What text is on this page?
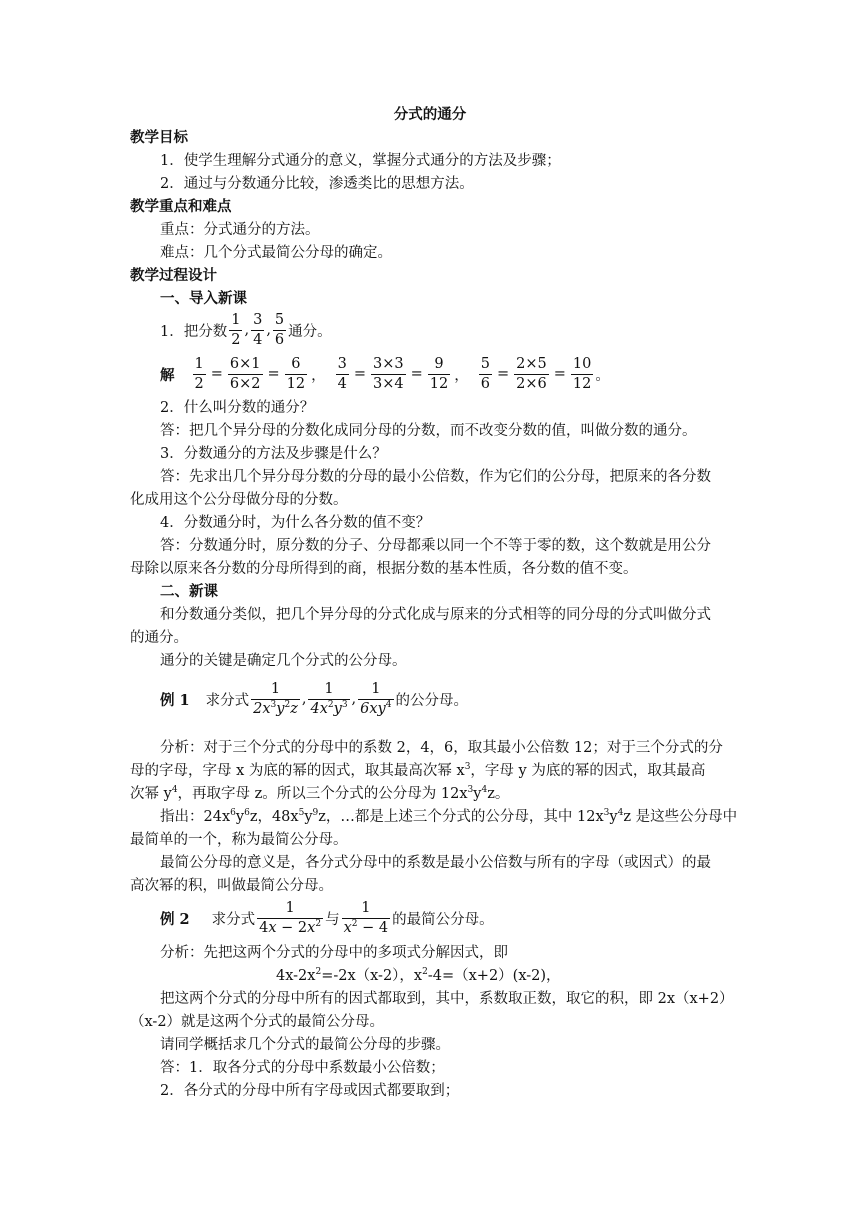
分式的通分
教学目标
1．使学生理解分式通分的意义，掌握分式通分的方法及步骤；
2．通过与分数通分比较，渗透类比的思想方法。
教学重点和难点
重点：分式通分的方法。
难点：几个分式最简公分母的确定。
教学过程设计
一、导入新课
1．把分数 $\frac{1}{2}$ , $\frac{3}{4}$ , $\frac{5}{6}$ 通分。
解 $\frac{1}{2} = \frac{6\times 1}{6\times 2} = \frac{6}{12}$ ， $\frac{3}{4} = \frac{3\times 3}{3\times 4} = \frac{9}{12}$ ， $\frac{5}{6} = \frac{2\times 5}{2\times 6} = \frac{10}{12}$ 。
2．什么叫分数的通分？
答：把几个异分母的分数化成同分母的分数，而不改变分数的值，叫做分数的通分。
3．分数通分的方法及步骤是什么？
答：先求出几个异分母分数的分母的最小公倍数，作为它们的公分母，把原来的各分数
化成用这个公分母做分母的分数。
4．分数通分时，为什么各分数的值不变？
答：分数通分时，原分数的分子、分母都乘以同一个不等于零的数，这个数就是用公分
母除以原来各分数的分母所得到的商，根据分数的基本性质，各分数的值不变。
二、新课
和分数通分类似，把几个异分母的分式化成与原来的分式相等的同分母的分式叫做分式
的通分。
通分的关键是确定几个分式的公分母。
例 1 求分式 $\frac{1}{2x^3y^2z}$ , $\frac{1}{4x^2y^3}$ , $\frac{1}{6xy^4}$ 的公分母。
分析：对于三个分式的分母中的系数 2，4，6，取其最小公倍数 12；对于三个分式的分
母的字母，字母 x 为底的幂的因式，取其最高次幂 $x^3$，字母 y 为底的幂的因式，取其最高
次幂 $y^4$，再取字母 z。所以三个分式的公分母为 $12x^3y^4z$。
指出：$24x^6y^6z$，$48x^5y^9z$，…都是上述三个分式的公分母，其中 $12x^3y^4z$ 是这些公分母中
最简单的一个，称为最简公分母。
最简公分母的意义是，各分式分母中的系数是最小公倍数与所有的字母（或因式）的最
高次幂的积，叫做最简公分母。
例 2 求分式 $\frac{1}{4x - 2x^2}$ 与 $\frac{1}{x^2 - 4}$ 的最简公分母。
分析：先把这两个分式的分母中的多项式分解因式，即
$4x-2x^2=-2x(x-2)$，$x^2-4=(x+2)(x-2)$，
把这两个分式的分母中所有的因式都取到，其中，系数取正数，取它的积，即 2x（x+2）
（x-2）就是这两个分式的最简公分母。
请同学概括求几个分式的最简公分母的步骤。
答：1．取各分式的分母中系数最小公倍数；
2．各分式的分母中所有字母或因式都要取到；
